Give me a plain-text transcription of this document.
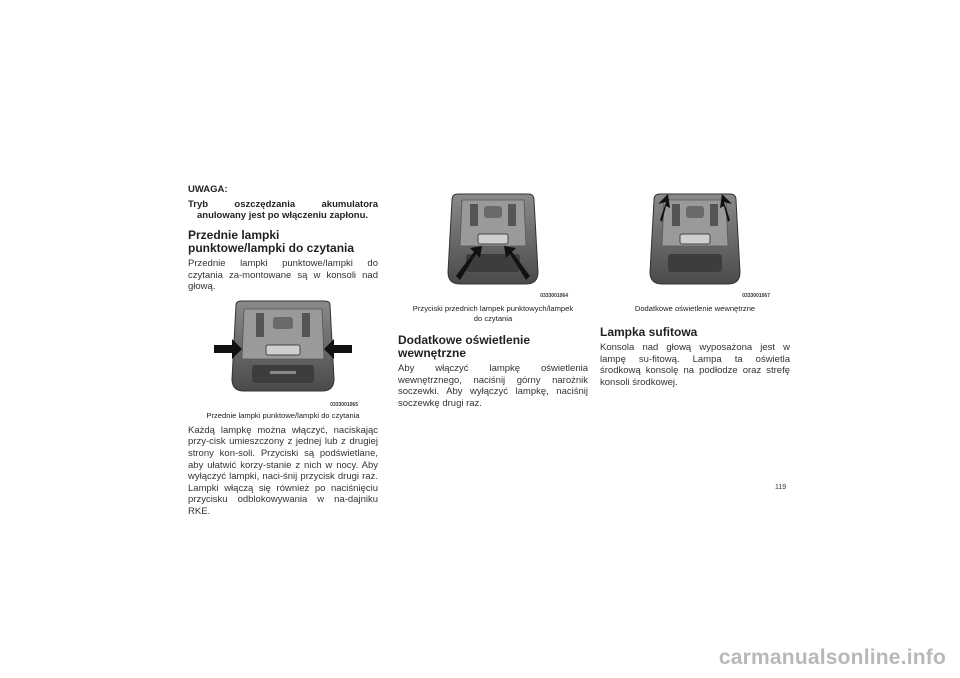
UWAGA:

Tryb oszczędzania akumulatora anulowany jest po włączeniu zapłonu.

Przednie lampki punktowe/lampki do czytania

Przednie lampki punktowe/lampki do czytania za-montowane są w konsoli nad głową.

0333001065

Przednie lampki punktowe/lampki do czytania

Każdą lampkę można włączyć, naciskając przy-cisk umieszczony z jednej lub z drugiej strony kon-soli. Przyciski są podświetlane, aby ułatwić korzy-stanie z nich w nocy. Aby wyłączyć lampki, naci-śnij przycisk drugi raz. Lampki włączą się również po naciśnięciu przycisku odblokowywania w na-dajniku RKE.

0333001064

Przyciski przednich lampek punktowych/lampek

do czytania

Dodatkowe oświetlenie wewnętrzne

Aby włączyć lampkę oświetlenia wewnętrznego, naciśnij górny narożnik soczewki. Aby wyłączyć lampkę, naciśnij soczewkę drugi raz.

0333001067

Dodatkowe oświetlenie wewnętrzne

Lampka sufitowa

Konsola nad głową wyposażona jest w lampę su-fitową. Lampa ta oświetla środkową konsolę na podłodze oraz strefę konsoli środkowej.

119
carmanualsonline.info
